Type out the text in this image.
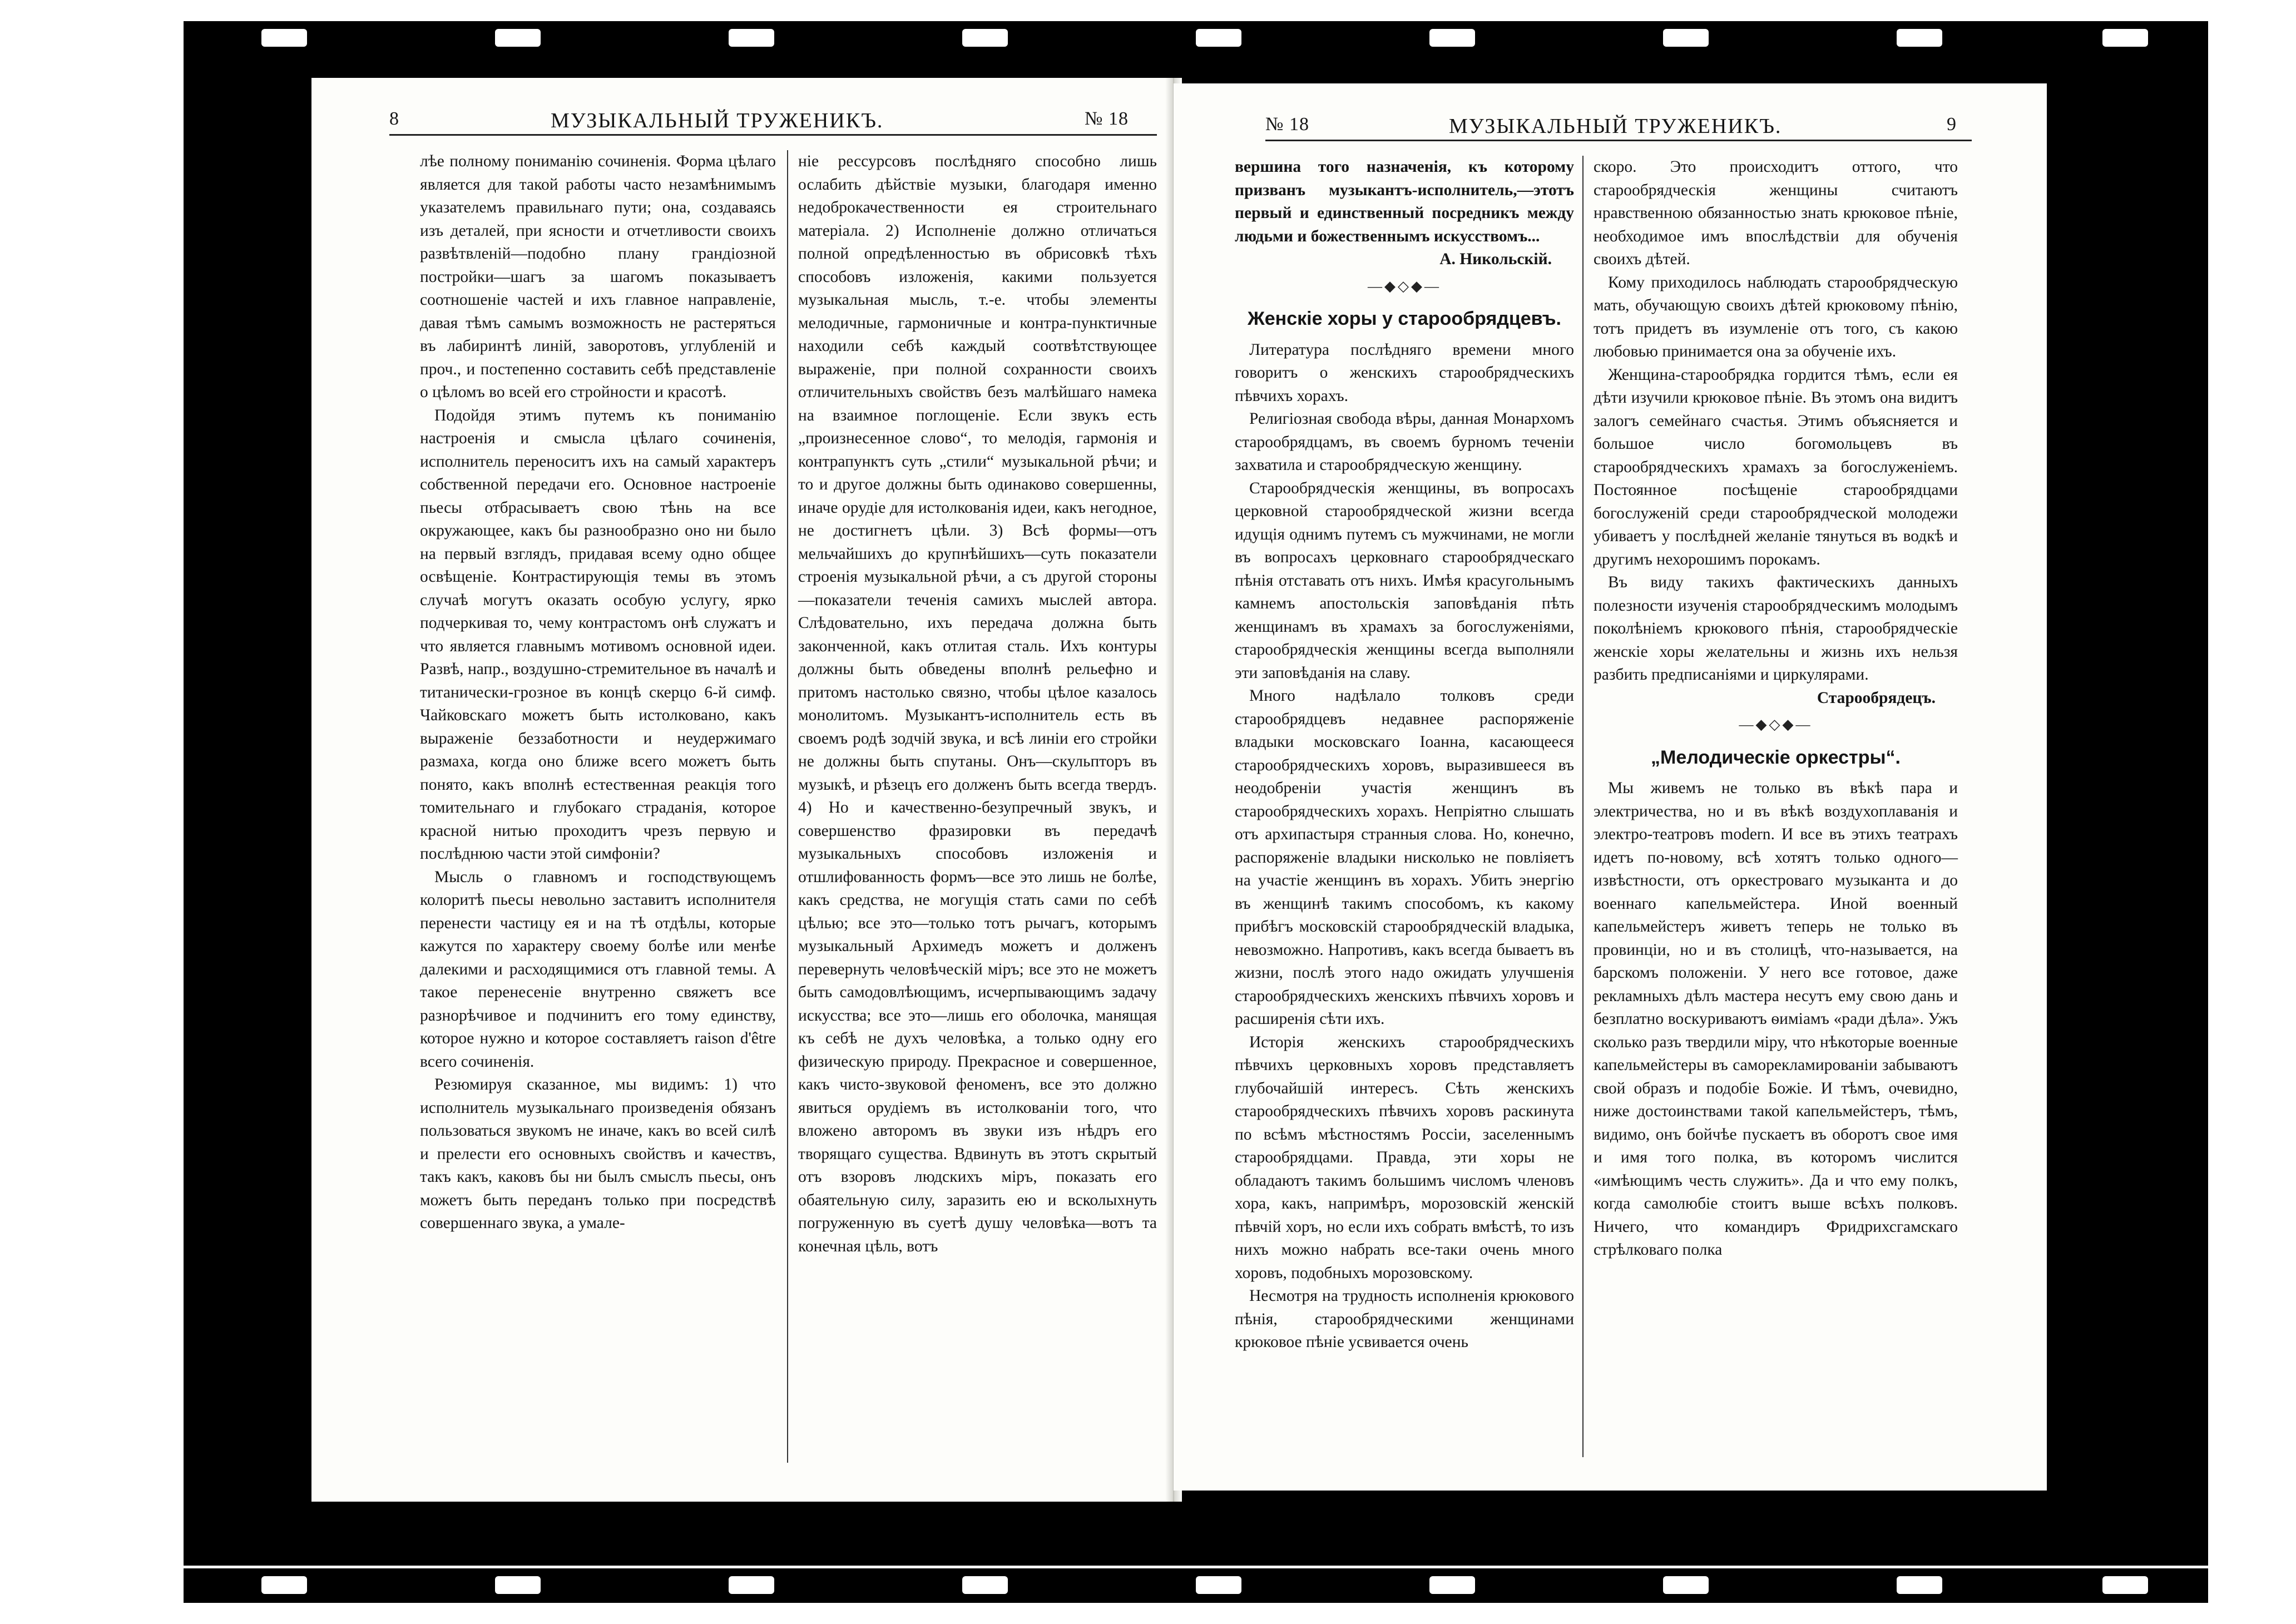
8	МУЗЫКАЛЬНЫЙ ТРУЖЕНИКЪ.	№ 18

лѣе полному пониманію сочиненія. Форма цѣлаго является для такой работы часто незамѣнимымъ указателемъ правильнаго пути; она, создаваясь изъ деталей, при ясности и отчетливости своихъ развѣтвленій—подобно плану грандіозной постройки—шагъ за шагомъ показываетъ соотношеніе частей и ихъ главное направленіе, давая тѣмъ самымъ возможность не растеряться въ лабиринтѣ линій, заворотовъ, углубленій и проч., и постепенно составить себѣ представленіе о цѣломъ во всей его стройности и красотѣ.

Подойдя этимъ путемъ къ пониманію настроенія и смысла цѣлаго сочиненія, исполнитель переноситъ ихъ на самый характеръ собственной передачи его. Основное настроеніе пьесы отбрасываетъ свою тѣнь на все окружающее, какъ бы разнообразно оно ни было на первый взглядъ, придавая всему одно общее освѣщеніе. Контрастирующія темы въ этомъ случаѣ могутъ оказать особую услугу, ярко подчеркивая то, чему контрастомъ онѣ служатъ и что является главнымъ мотивомъ основной идеи. Развѣ, напр., воздушно-стремительное въ началѣ и титанически-грозное въ концѣ скерцо 6-й симф. Чайковскаго можетъ быть истолковано, какъ выраженіе беззаботности и неудержимаго размаха, когда оно ближе всего можетъ быть понято, какъ вполнѣ естественная реакція того томительнаго и глубокаго страданія, которое красной нитью проходитъ чрезъ первую и послѣднюю части этой симфоніи?

Мысль о главномъ и господствующемъ колоритѣ пьесы невольно заставитъ исполнителя перенести частицу ея и на тѣ отдѣлы, которые кажутся по характеру своему болѣе или менѣе далекими и расходящимися отъ главной темы. А такое перенесеніе внутренно свяжетъ все разнорѣчивое и подчинитъ его тому единству, которое нужно и которое составляетъ raison d'être всего сочиненія.

Резюмируя сказанное, мы видимъ: 1) что исполнитель музыкальнаго произведенія обязанъ пользоваться звукомъ не иначе, какъ во всей силѣ и прелести его основныхъ свойствъ и качествъ, такъ какъ, каковъ бы ни былъ смыслъ пьесы, онъ можетъ быть переданъ только при посредствѣ совершеннаго звука, а умале-

ніе рессурсовъ послѣдняго способно лишь ослабить дѣйствіе музыки, благодаря именно недоброкачественности ея строительнаго матеріала. 2) Исполненіе должно отличаться полной опредѣленностью въ обрисовкѣ тѣхъ способовъ изложенія, какими пользуется музыкальная мысль, т.-е. чтобы элементы мелодичные, гармоничные и контра-пунктичные находили себѣ каждый соотвѣтствующее выраженіе, при полной сохранности своихъ отличительныхъ свойствъ безъ малѣйшаго намека на взаимное поглощеніе. Если звукъ есть „произнесенное слово“, то мелодія, гармонія и контрапунктъ суть „стили“ музыкальной рѣчи; и то и другое должны быть одинаково совершенны, иначе орудіе для истолкованія идеи, какъ негодное, не достигнетъ цѣли. 3) Всѣ формы—отъ мельчайшихъ до крупнѣйшихъ—суть показатели строенія музыкальной рѣчи, а съ другой стороны—показатели теченія самихъ мыслей автора. Слѣдовательно, ихъ передача должна быть законченной, какъ отлитая сталь. Ихъ контуры должны быть обведены вполнѣ рельефно и притомъ настолько связно, чтобы цѣлое казалось монолитомъ. Музыкантъ-исполнитель есть въ своемъ родѣ зодчій звука, и всѣ линіи его стройки не должны быть спутаны. Онъ—скульпторъ въ музыкѣ, и рѣзецъ его долженъ быть всегда твердъ. 4) Но и качественно-безупречный звукъ, и совершенство фразировки въ передачѣ музыкальныхъ способовъ изложенія и отшлифованность формъ—все это лишь не болѣе, какъ средства, не могущія стать сами по себѣ цѣлью; все это—только тотъ рычагъ, которымъ музыкальный Архимедъ можетъ и долженъ перевернуть человѣческій міръ; все это не можетъ быть самодовлѣющимъ, исчерпывающимъ задачу искусства; все это—лишь его оболочка, манящая къ себѣ не духъ человѣка, а только одну его физическую природу. Прекрасное и совершенное, какъ чисто-звуковой феноменъ, все это должно явиться орудіемъ въ истолкованіи того, что вложено авторомъ въ звуки изъ нѣдръ его творящаго существа. Вдвинуть въ этотъ скрытый отъ взоровъ людскихъ міръ, показать его обаятельную силу, заразить ею и всколыхнуть погруженную въ суетѣ душу человѣка—вотъ та конечная цѣль, вотъ

№ 18	МУЗЫКАЛЬНЫЙ ТРУЖЕНИКЪ.	9

вершина того назначенія, къ которому призванъ музыкантъ-исполнитель,—этотъ первый и единственный посредникъ между людьми и божественнымъ искусствомъ...

А. Никольскій.
—◆◇◆—
Женскіе хоры у старообрядцевъ.

Литература послѣдняго времени много говоритъ о женскихъ старообрядческихъ пѣвчихъ хорахъ.

Религіозная свобода вѣры, данная Монархомъ старообрядцамъ, въ своемъ бурномъ теченіи захватила и старообрядческую женщину.

Старообрядческія женщины, въ вопросахъ церковной старообрядческой жизни всегда идущія однимъ путемъ съ мужчинами, не могли въ вопросахъ церковнаго старообрядческаго пѣнія отставать отъ нихъ. Имѣя красугольнымъ камнемъ апостольскія заповѣданія пѣть женщинамъ въ храмахъ за богослуженіями, старообрядческія женщины всегда выполняли эти заповѣданія на славу.

Много надѣлало толковъ среди старообрядцевъ недавнее распоряженіе владыки московскаго Іоанна, касающееся старообрядческихъ хоровъ, выразившееся въ неодобреніи участія женщинъ въ старообрядческихъ хорахъ. Непріятно слышать отъ архипастыря странныя слова. Но, конечно, распоряженіе владыки нисколько не повліяетъ на участіе женщинъ въ хорахъ. Убить энергію въ женщинѣ такимъ способомъ, къ какому прибѣгъ московскій старообрядческій владыка, невозможно. Напротивъ, какъ всегда бываетъ въ жизни, послѣ этого надо ожидать улучшенія старообрядческихъ женскихъ пѣвчихъ хоровъ и расширенія сѣти ихъ.

Исторія женскихъ старообрядческихъ пѣвчихъ церковныхъ хоровъ представляетъ глубочайшій интересъ. Сѣть женскихъ старообрядческихъ пѣвчихъ хоровъ раскинута по всѣмъ мѣстностямъ Россіи, заселеннымъ старообрядцами. Правда, эти хоры не обладаютъ такимъ большимъ числомъ членовъ хора, какъ, напримѣръ, морозовскій женскій пѣвчій хоръ, но если ихъ собрать вмѣстѣ, то изъ нихъ можно набрать все-таки очень много хоровъ, подобныхъ морозовскому.

Несмотря на трудность исполненія крюкового пѣнія, старообрядческими женщинами крюковое пѣніе усвивается очень

скоро. Это происходитъ оттого, что старообрядческія женщины считаютъ нравственною обязанностью знать крюковое пѣніе, необходимое имъ впослѣдствіи для обученія своихъ дѣтей.

Кому приходилось наблюдать старообрядческую мать, обучающую своихъ дѣтей крюковому пѣнію, тотъ придетъ въ изумленіе отъ того, съ какою любовью принимается она за обученіе ихъ.

Женщина-старообрядка гордится тѣмъ, если ея дѣти изучили крюковое пѣніе. Въ этомъ она видитъ залогъ семейнаго счастья. Этимъ объясняется и большое число богомольцевъ въ старообрядческихъ храмахъ за богослуженіемъ. Постоянное посѣщеніе старообрядцами богослуженій среди старообрядческой молодежи убиваетъ у послѣдней желаніе тянуться въ водкѣ и другимъ нехорошимъ порокамъ.

Въ виду такихъ фактическихъ данныхъ полезности изученія старообрядческимъ молодымъ поколѣніемъ крюкового пѣнія, старообрядческіе женскіе хоры желательны и жизнь ихъ нельзя разбить предписаніями и циркулярами.

Старообрядецъ.
—◆◇◆—
„Мелодическіе оркестры“.

Мы живемъ не только въ вѣкѣ пара и электричества, но и въ вѣкѣ воздухоплаванія и электро-театровъ modern. И все въ этихъ театрахъ идетъ по-новому, всѣ хотятъ только одного—извѣстности, отъ оркестроваго музыканта и до военнаго капельмейстера. Иной военный капельмейстеръ живетъ теперь не только въ провинціи, но и въ столицѣ, что-называется, на барскомъ положеніи. У него все готовое, даже рекламныхъ дѣлъ мастера несутъ ему свою дань и безплатно воскуриваютъ ѳиміамъ «ради дѣла». Ужъ сколько разъ твердили міру, что нѣкоторые военные капельмейстеры въ саморекламированіи забываютъ свой образъ и подобіе Божіе. И тѣмъ, очевидно, ниже достоинствами такой капельмейстеръ, тѣмъ, видимо, онъ бойчѣе пускаетъ въ оборотъ свое имя и имя того полка, въ которомъ числится «имѣющимъ честь служить». Да и что ему полкъ, когда самолюбіе стоитъ выше всѣхъ полковъ. Ничего, что командиръ Фридрихсгамскаго стрѣлковаго полка
